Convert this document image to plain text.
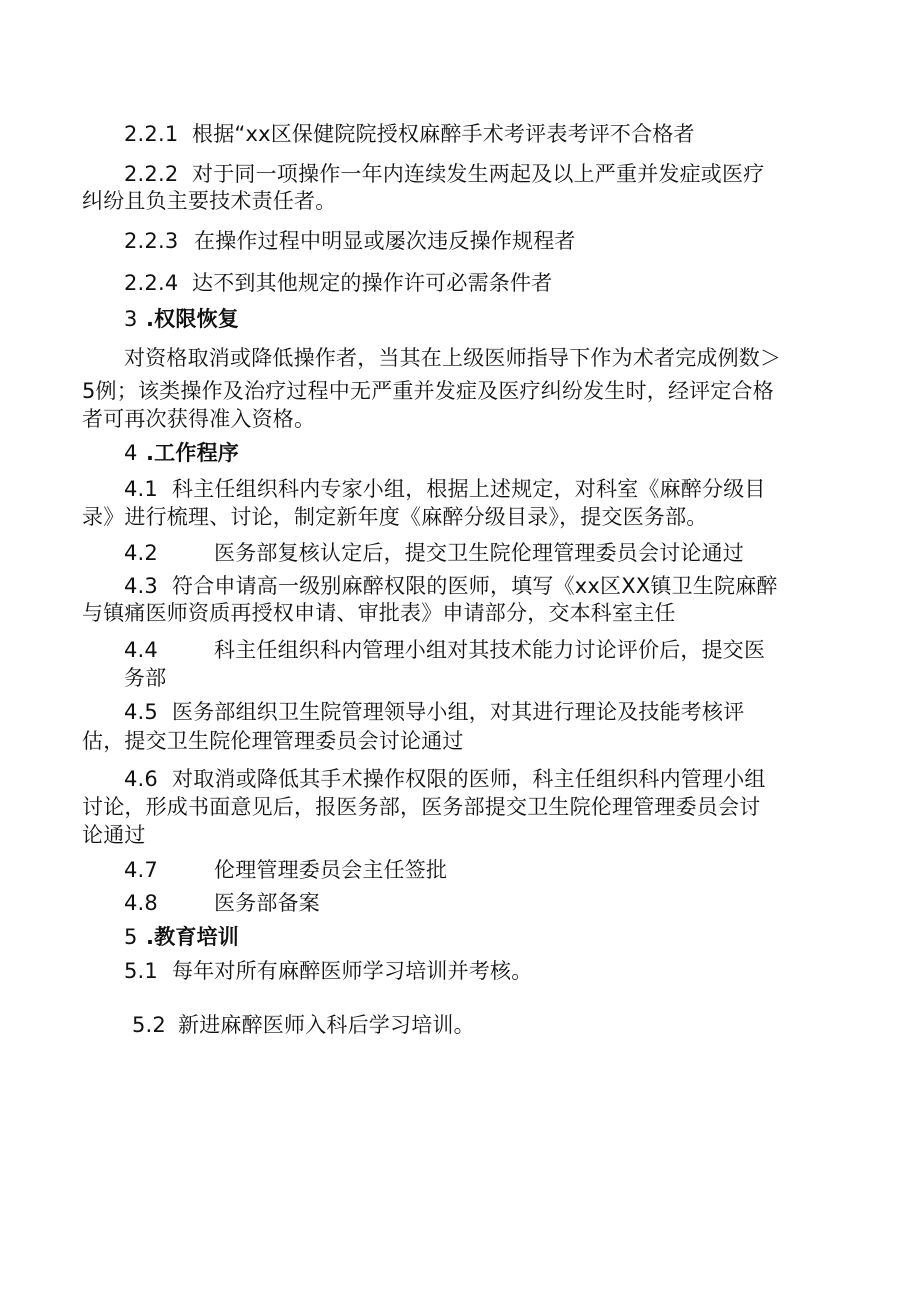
2.2.1 根据“xx区保健院院授权麻醉手术考评表考评不合格者
2.2.2 对于同一项操作一年内连续发生两起及以上严重并发症或医疗
纠纷且负主要技术责任者。
2.2.3 在操作过程中明显或屡次违反操作规程者
2.2.4 达不到其他规定的操作许可必需条件者
3 .权限恢复
对资格取消或降低操作者，当其在上级医师指导下作为术者完成例数＞
5例；该类操作及治疗过程中无严重并发症及医疗纠纷发生时，经评定合格
者可再次获得准入资格。
4 .工作程序
4.1 科主任组织科内专家小组，根据上述规定，对科室《麻醉分级目
录》进行梳理、讨论，制定新年度《麻醉分级目录》，提交医务部。
4.2	医务部复核认定后，提交卫生院伦理管理委员会讨论通过
4.3 符合申请高一级别麻醉权限的医师，填写《xx区XX镇卫生院麻醉
与镇痛医师资质再授权申请、审批表》申请部分，交本科室主任
4.4	科主任组织科内管理小组对其技术能力讨论评价后，提交医
务部
4.5 医务部组织卫生院管理领导小组，对其进行理论及技能考核评
估，提交卫生院伦理管理委员会讨论通过
4.6 对取消或降低其手术操作权限的医师，科主任组织科内管理小组
讨论，形成书面意见后，报医务部，医务部提交卫生院伦理管理委员会讨
论通过
4.7	伦理管理委员会主任签批
4.8	医务部备案
5 .教育培训
5.1 每年对所有麻醉医师学习培训并考核。
5.2 新进麻醉医师入科后学习培训。
